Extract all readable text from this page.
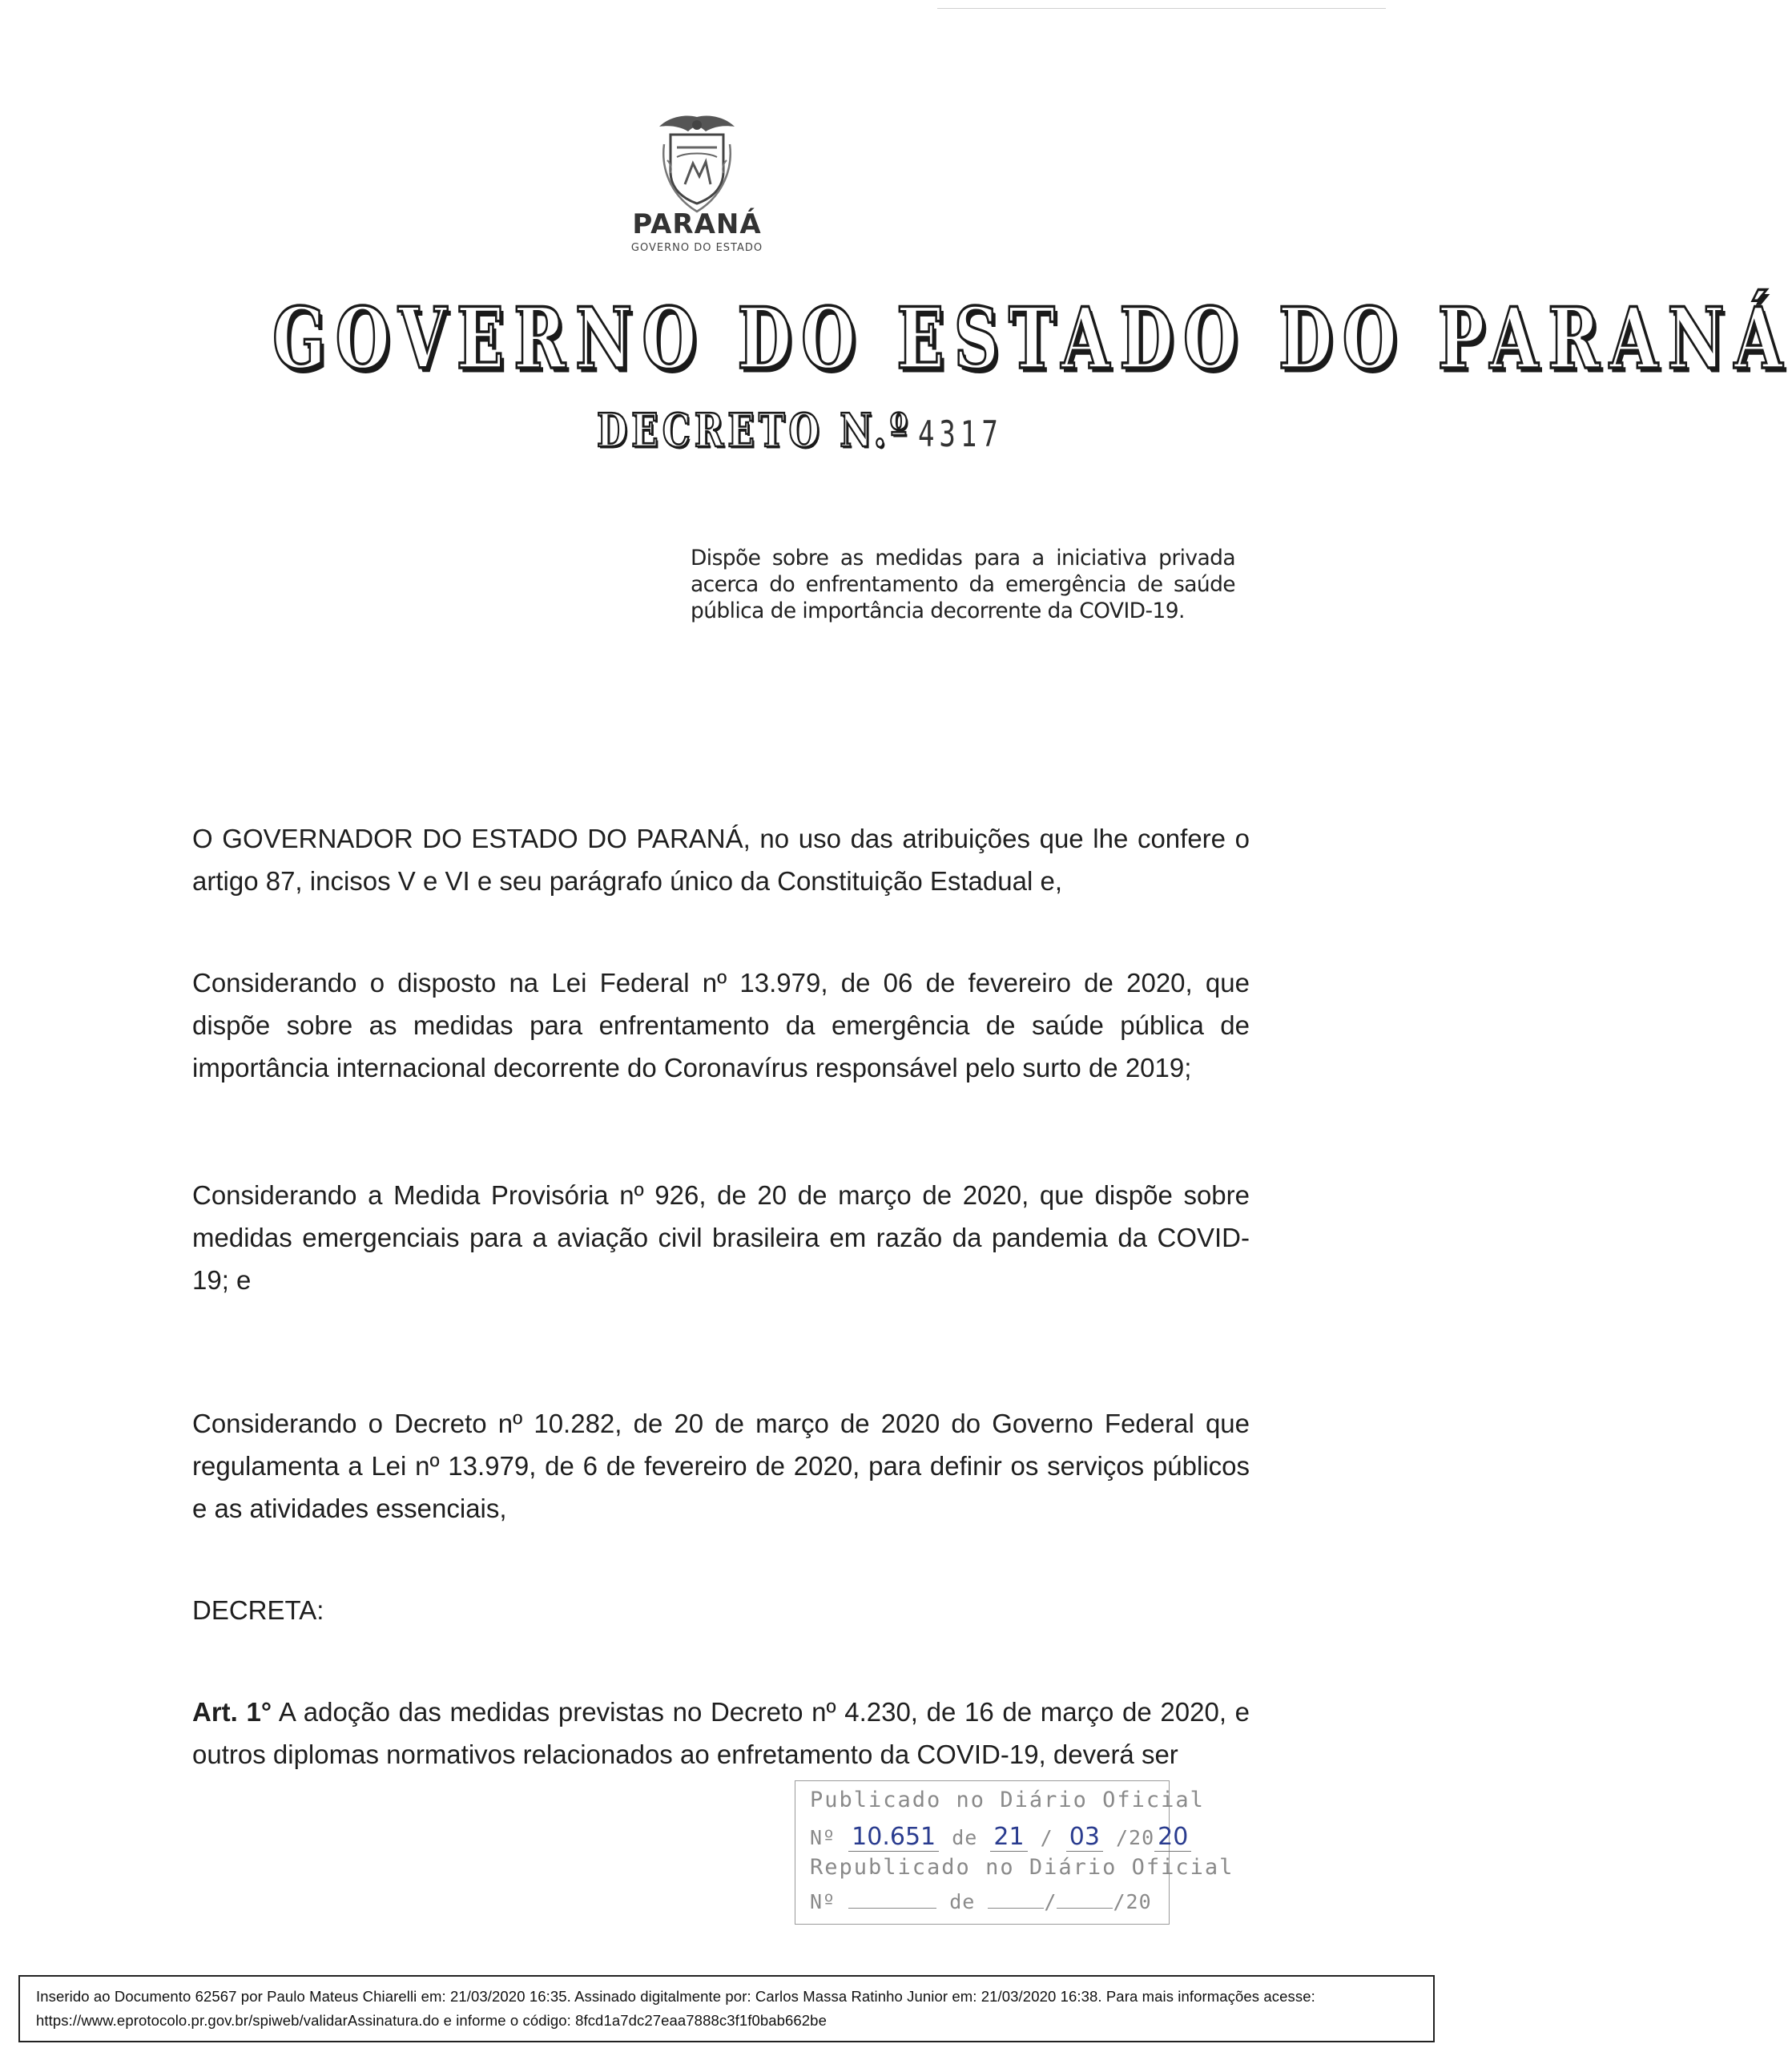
PARANÁ
GOVERNO DO ESTADO
GOVERNO DO ESTADO DO PARANÁ
DECRETO N.º 4317
Dispõe sobre as medidas para a iniciativa privada acerca do enfrentamento da emergência de saúde pública de importância decorrente da COVID-19.
O GOVERNADOR DO ESTADO DO PARANÁ, no uso das atribuições que lhe confere o artigo 87, incisos V e VI e seu parágrafo único da Constituição Estadual e,
Considerando o disposto na Lei Federal nº 13.979, de 06 de fevereiro de 2020, que dispõe sobre as medidas para enfrentamento da emergência de saúde pública de importância internacional decorrente do Coronavírus responsável pelo surto de 2019;
Considerando a Medida Provisória nº 926, de 20 de março de 2020, que dispõe sobre medidas emergenciais para a aviação civil brasileira em razão da pandemia da COVID-19; e
Considerando o Decreto nº 10.282, de 20 de março de 2020 do Governo Federal que regulamenta a Lei nº 13.979, de 6 de fevereiro de 2020, para definir os serviços públicos e as atividades essenciais,
DECRETA:
Art. 1° A adoção das medidas previstas no Decreto nº 4.230, de 16 de março de 2020, e outros diplomas normativos relacionados ao enfretamento da COVID-19, deverá ser
Publicado no Diário Oficial
Nº 10.651 de 21 / 03 /20 20
Republicado no Diário Oficial
Nº	de	/	/20
Inserido ao Documento 62567 por Paulo Mateus Chiarelli em: 21/03/2020 16:35. Assinado digitalmente por: Carlos Massa Ratinho Junior em: 21/03/2020 16:38. Para mais informações acesse:
https://www.eprotocolo.pr.gov.br/spiweb/validarAssinatura.do e informe o código: 8fcd1a7dc27eaa7888c3f1f0bab662be
